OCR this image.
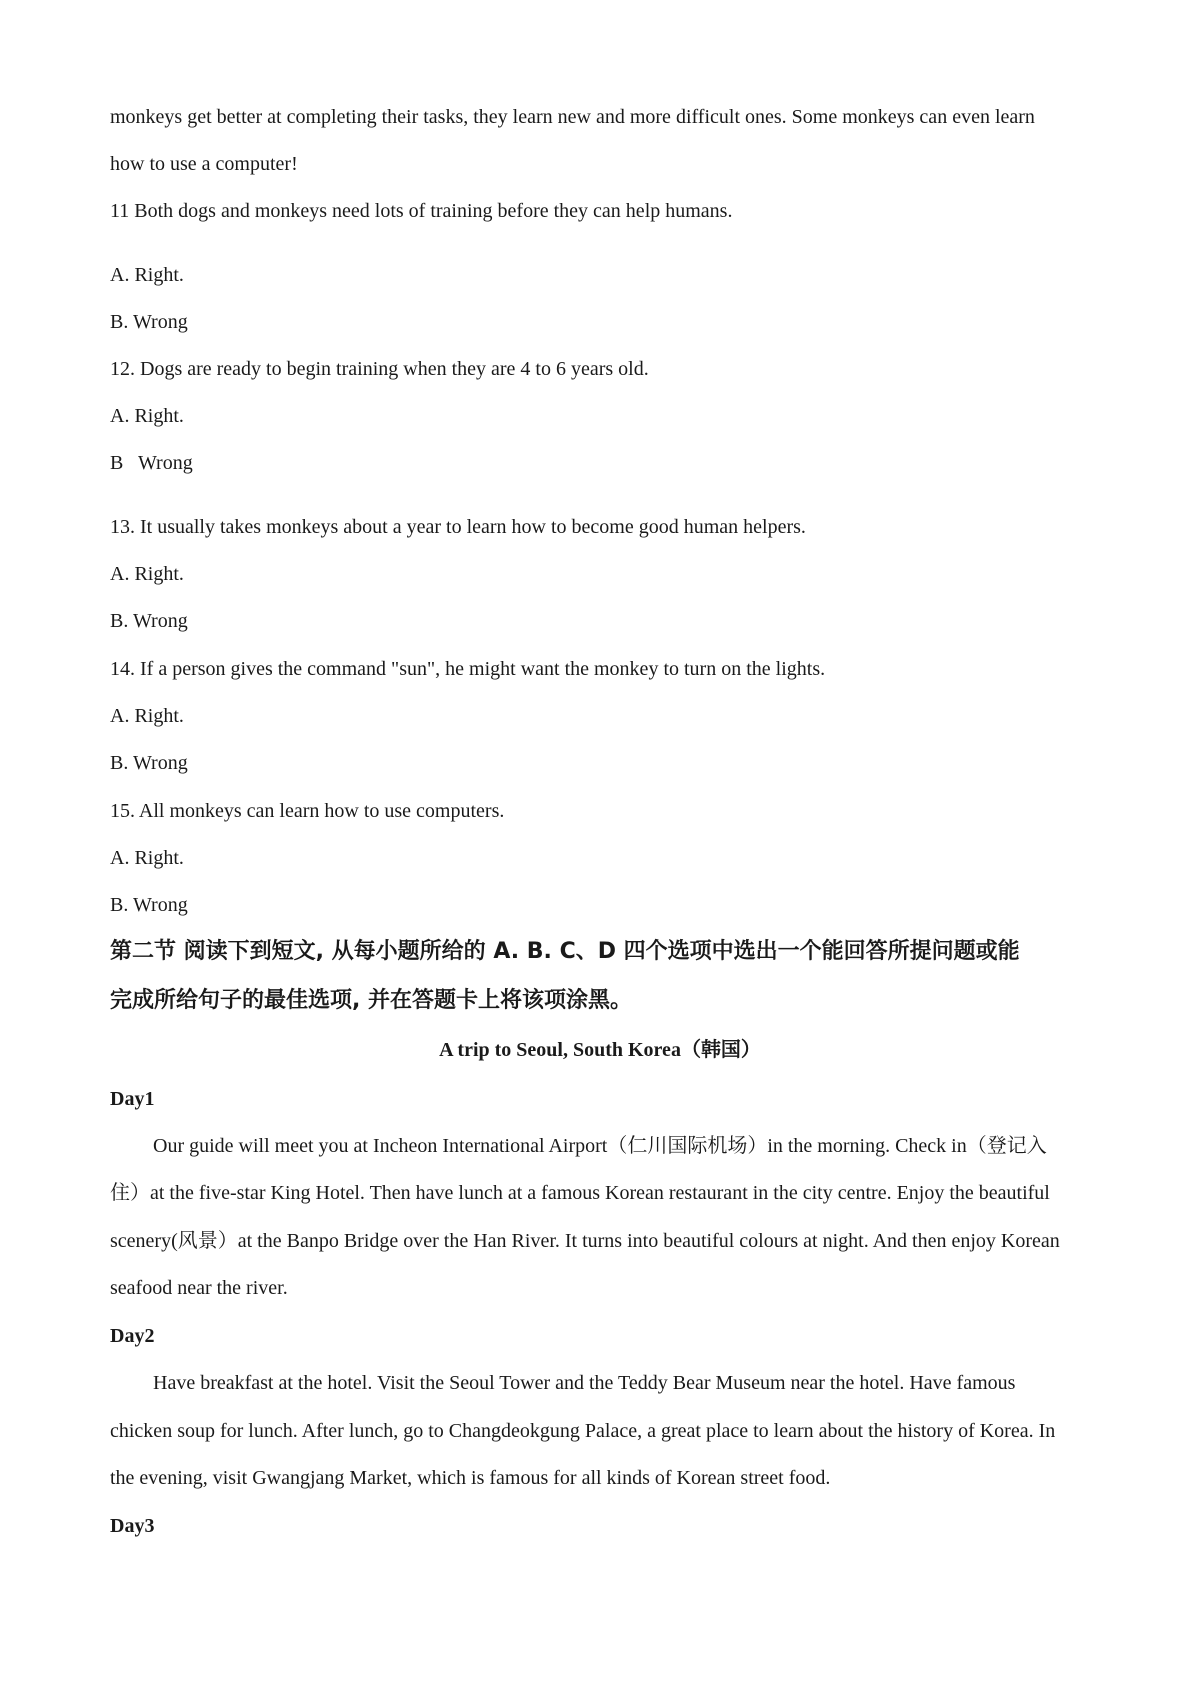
monkeys get better at completing their tasks, they learn new and more difficult ones. Some monkeys can even learn
how to use a computer!
11 Both dogs and monkeys need lots of training before they can help humans.
A. Right.
B. Wrong
12. Dogs are ready to begin training when they are 4 to 6 years old.
A. Right.
B   Wrong
13. It usually takes monkeys about a year to learn how to become good human helpers.
A. Right.
B. Wrong
14. If a person gives the command "sun", he might want the monkey to turn on the lights.
A. Right.
B. Wrong
15. All monkeys can learn how to use computers.
A. Right.
B. Wrong
第二节 阅读下到短文, 从每小题所给的 A. B. C、D 四个选项中选出一个能回答所提问题或能
完成所给句子的最佳选项, 并在答题卡上将该项涂黑。
A trip to Seoul, South Korea（韩国）
Day1
Our guide will meet you at Incheon International Airport（仁川国际机场）in the morning. Check in（登记入
住）at the five-star King Hotel. Then have lunch at a famous Korean restaurant in the city centre. Enjoy the beautiful
scenery(风景）at the Banpo Bridge over the Han River. It turns into beautiful colours at night. And then enjoy Korean
seafood near the river.
Day2
Have breakfast at the hotel. Visit the Seoul Tower and the Teddy Bear Museum near the hotel. Have famous
chicken soup for lunch. After lunch, go to Changdeokgung Palace, a great place to learn about the history of Korea. In
the evening, visit Gwangjang Market, which is famous for all kinds of Korean street food.
Day3
